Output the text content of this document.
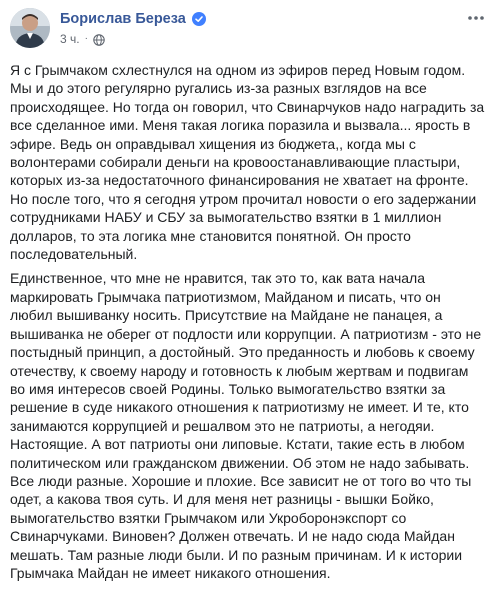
Борислав Береза
3 ч. ·
Я с Грымчаком схлестнулся на одном из эфиров перед Новым годом.
Мы и до этого регулярно ругались из-за разных взглядов на все
происходящее. Но тогда он говорил, что Свинарчуков надо наградить за
все сделанное ими. Меня такая логика поразила и вызвала... ярость в
эфире. Ведь он оправдывал хищения из бюджета,, когда мы с
волонтерами собирали деньги на кровоостанавливающие пластыри,
которых из-за недостаточного финансирования не хватает на фронте.
Но после того, что я сегодня утром прочитал новости о его задержании
сотрудниками НАБУ и СБУ за вымогательство взятки в 1 миллион
долларов, то эта логика мне становится понятной. Он просто
последовательный.
Единственное, что мне не нравится, так это то, как вата начала
маркировать Грымчака патриотизмом, Майданом и писать, что он
любил вышиванку носить. Присутствие на Майдане не панацея, а
вышиванка не оберег от подлости или коррупции. А патриотизм - это не
постыдный принцип, а достойный. Это преданность и любовь к своему
отечеству, к своему народу и готовность к любым жертвам и подвигам
во имя интересов своей Родины. Только вымогательство взятки за
решение в суде никакого отношения к патриотизму не имеет. И те, кто
занимаются коррупцией и решалвом это не патриоты, а негодяи.
Настоящие. А вот патриоты они липовые. Кстати, такие есть в любом
политическом или гражданском движении. Об этом не надо забывать.
Все люди разные. Хорошие и плохие. Все зависит не от того во что ты
одет, а какова твоя суть. И для меня нет разницы - вышки Бойко,
вымогательство взятки Грымчаком или Укроборонэкспорт со
Свинарчуками. Виновен? Должен отвечать. И не надо сюда Майдан
мешать. Там разные люди были. И по разным причинам. И к истории
Грымчака Майдан не имеет никакого отношения.
